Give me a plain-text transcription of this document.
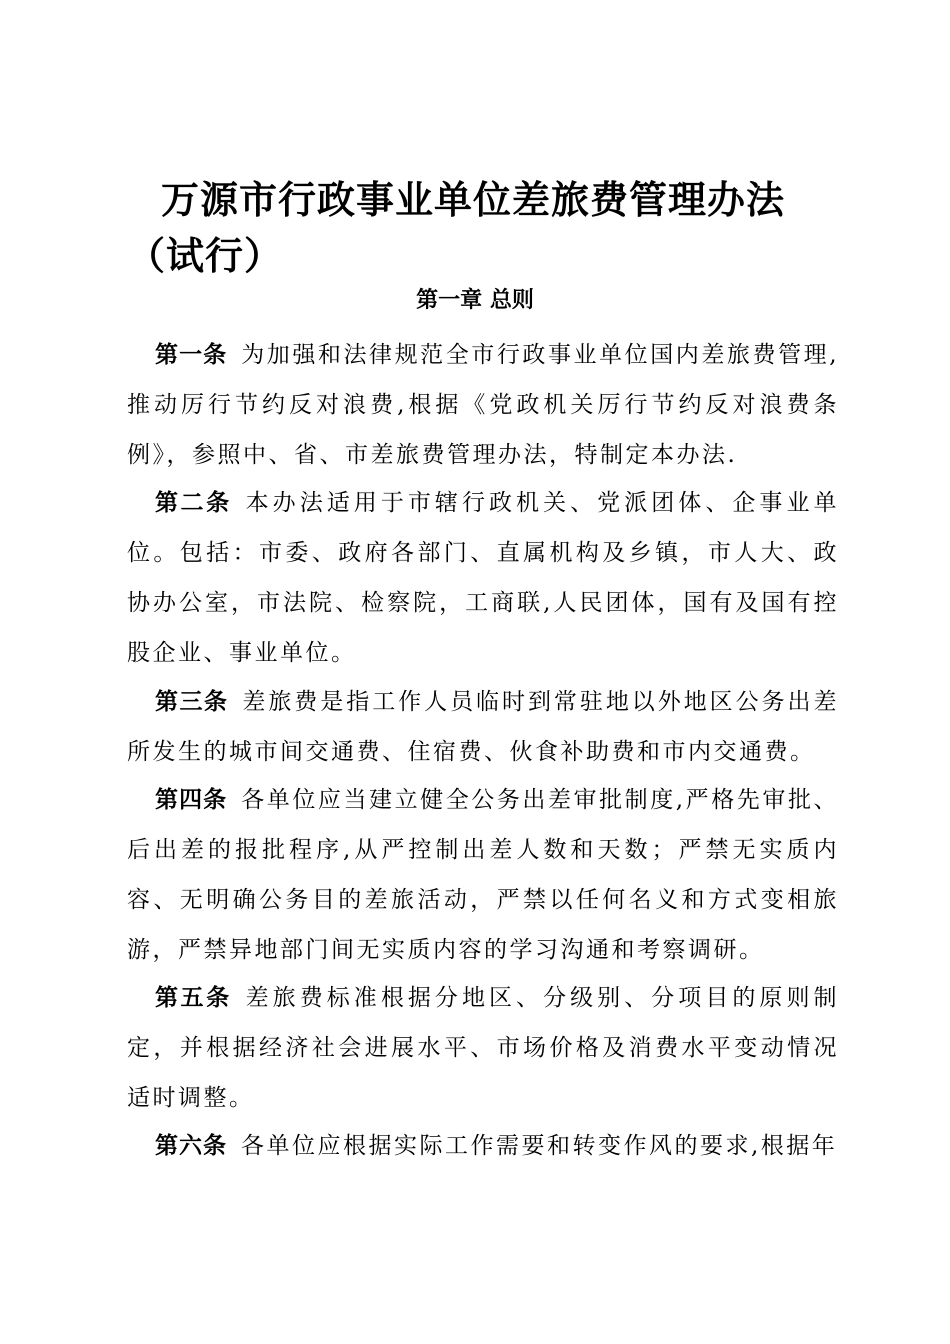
万源市行政事业单位差旅费管理办法（试行）
第一章 总则

第一条 为加强和法律规范全市行政事业单位国内差旅费管理,推动厉行节约反对浪费,根据《党政机关厉行节约反对浪费条例》，参照中、省、市差旅费管理办法，特制定本办法.

第二条 本办法适用于市辖行政机关、党派团体、企事业单位。包括：市委、政府各部门、直属机构及乡镇，市人大、政协办公室，市法院、检察院，工商联,人民团体，国有及国有控股企业、事业单位。

第三条 差旅费是指工作人员临时到常驻地以外地区公务出差所发生的城市间交通费、住宿费、伙食补助费和市内交通费。

第四条 各单位应当建立健全公务出差审批制度,严格先审批、后出差的报批程序,从严控制出差人数和天数；严禁无实质内容、无明确公务目的差旅活动，严禁以任何名义和方式变相旅游，严禁异地部门间无实质内容的学习沟通和考察调研。

第五条 差旅费标准根据分地区、分级别、分项目的原则制定，并根据经济社会进展水平、市场价格及消费水平变动情况适时调整。

第六条 各单位应根据实际工作需要和转变作风的要求,根据年
